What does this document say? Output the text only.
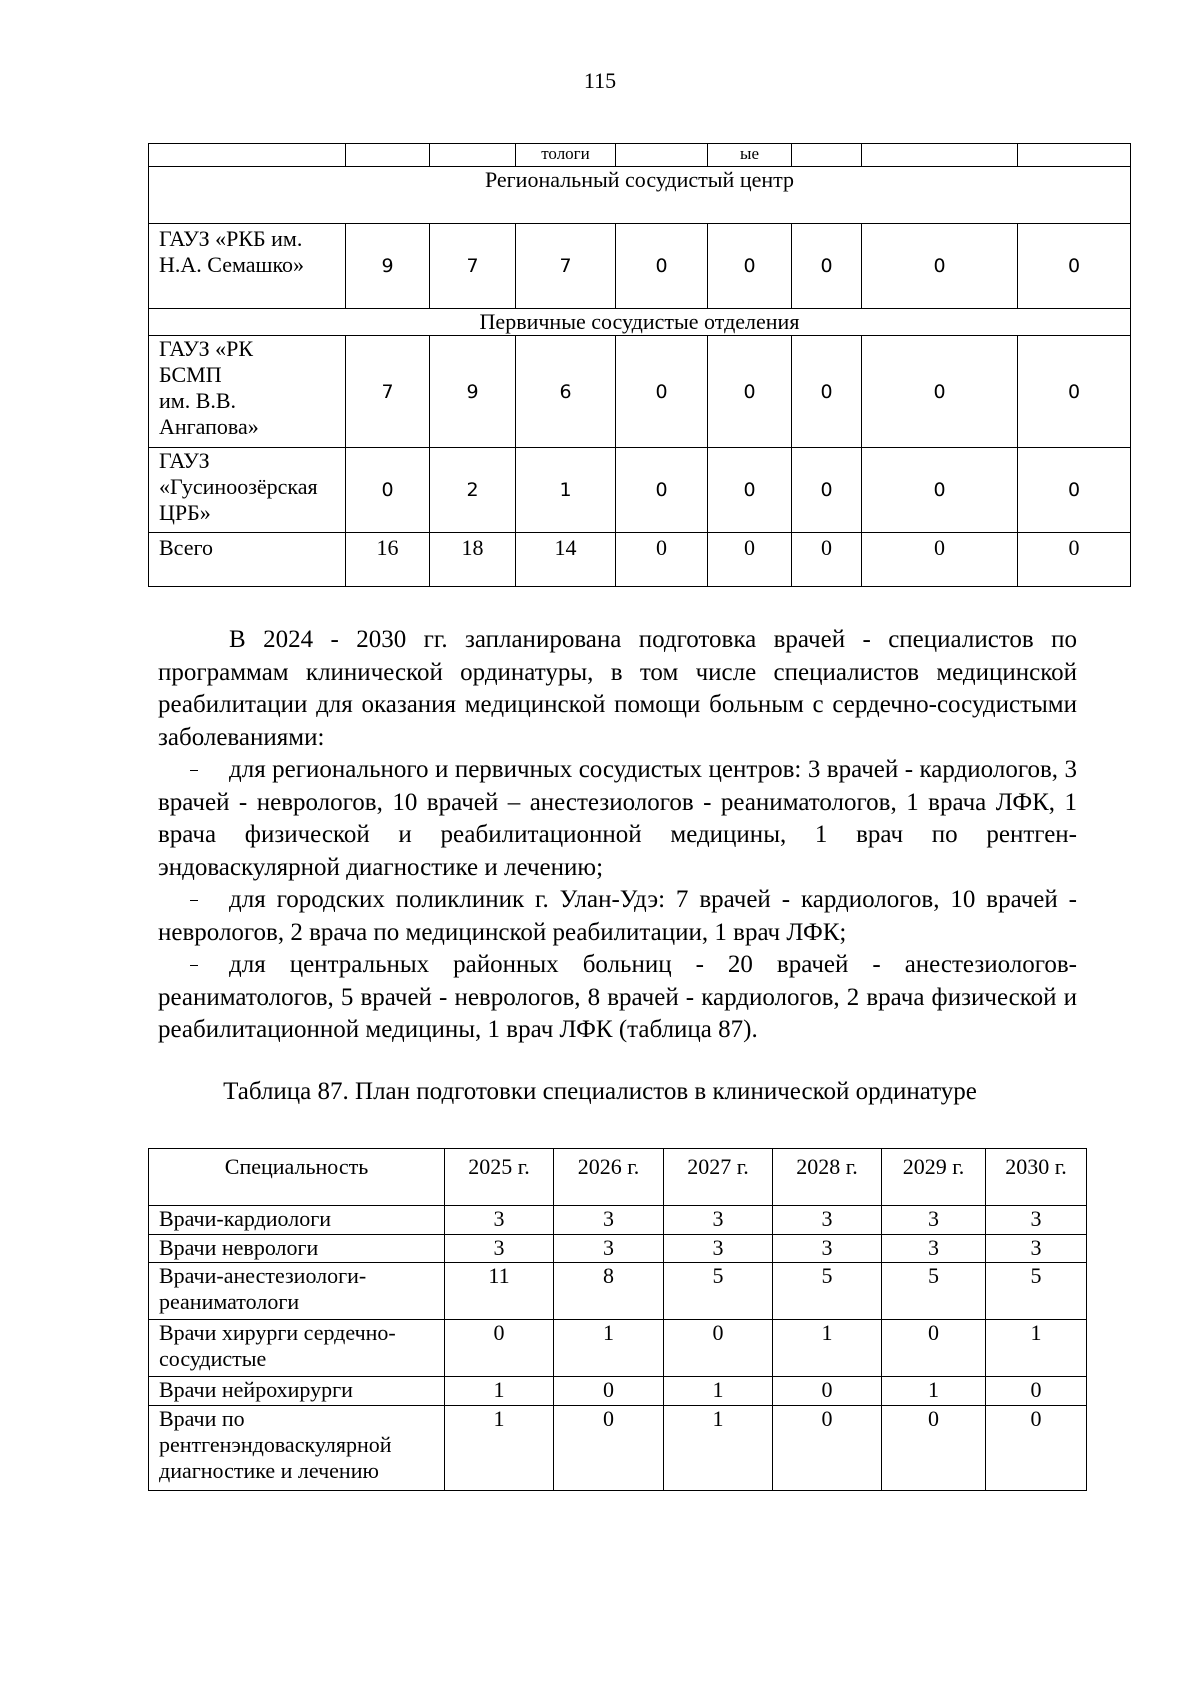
115
			тологи		ые			
Региональный сосудистый центр								
ГАУЗ «РКБ им.
Н.А. Семашко»	9	7	7	0	0	0	0	0
Первичные сосудистые отделения								
ГАУЗ «РК
БСМП
им. В.В.
Ангапова»	7	9	6	0	0	0	0	0
ГАУЗ
«Гусиноозёрская
ЦРБ»	0	2	1	0	0	0	0	0
Всего	16	18	14	0	0	0	0	0

В 2024 - 2030 гг. запланирована подготовка врачей - специалистов по программам клинической ординатуры, в том числе специалистов медицинской реабилитации для оказания медицинской помощи больным с сердечно-сосудистыми заболеваниями:

для регионального и первичных сосудистых центров: 3 врачей - кардиологов, 3 врачей - неврологов, 10 врачей – анестезиологов - реаниматологов, 1 врача ЛФК, 1 врача физической и реабилитационной медицины, 1 врач по рентген-эндоваскулярной диагностике и лечению;

для городских поликлиник г. Улан-Удэ: 7 врачей - кардиологов, 10 врачей - неврологов, 2 врача по медицинской реабилитации, 1 врач ЛФК;

для центральных районных больниц - 20 врачей - анестезиологов-реаниматологов, 5 врачей - неврологов, 8 врачей - кардиологов, 2 врача физической и реабилитационной медицины, 1 врач ЛФК (таблица 87).

Таблица 87. План подготовки специалистов в клинической ординатуре
Специальность	2025 г.	2026 г.	2027 г.	2028 г.	2029 г.	2030 г.
Врачи-кардиологи	3	3	3	3	3	3
Врачи неврологи	3	3	3	3	3	3
Врачи-анестезиологи-
реаниматологи	11	8	5	5	5	5
Врачи хирурги сердечно-
сосудистые	0	1	0	1	0	1
Врачи нейрохирурги	1	0	1	0	1	0
Врачи по
рентгенэндоваскулярной
диагностике и лечению	1	0	1	0	0	0
